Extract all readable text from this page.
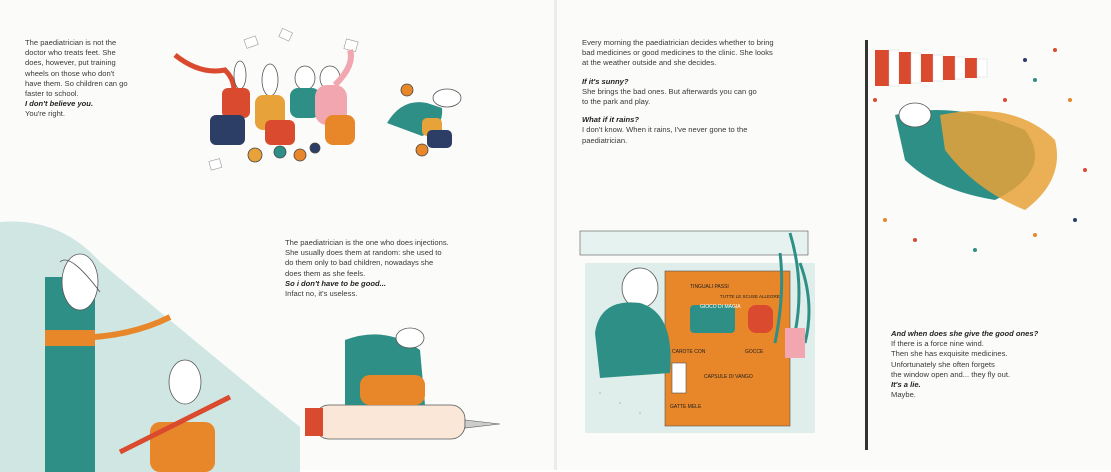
The paediatrician is not the

doctor who treats feet. She

does, however, put training

wheels on those who don't

have them. So children can go

faster to school.

I don't believe you.

You're right.

The paediatrician is the one who does injections.

She usually does them at random: she used to

do them only to bad children, nowadays she

does them as she feels.

So i don't have to be good...

Infact no, it's useless.

Every morning the paediatrician decides whether to bring

bad medicines or good medicines to the clinic. She looks

at the weather outside and she decides.

If it's sunny?

She brings the bad ones. But afterwards you can go

to the park and play.

What if it rains?

I don't know. When it rains, I've never gone to the

paediatrician.

And when does she give the good ones?

If there is a force nine wind.

Then she has exquisite medicines.

Unfortunately she often forgets

the window open and... they fly out.

It's a lie.

Maybe.

GIOCO DI MAGIA
CAROTE CON	GOCCE
CAPSULE DI VANGO
GATTE MELE
TINGUALI PASSI
TUTTE LE SCUSE ALLEGRE
